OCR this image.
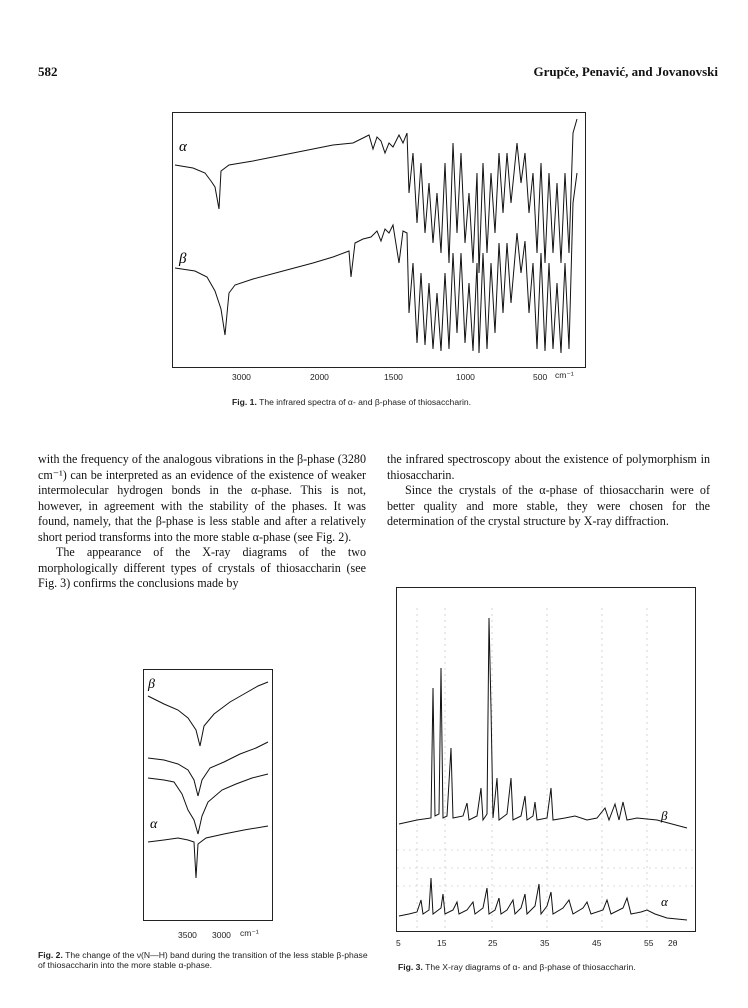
582	Grupče, Penavić, and Jovanovski
α
β
3000	2000	1500	1000	500 cm⁻¹
Fig. 1. The infrared spectra of α- and β-phase of thiosaccharin.

with the frequency of the analogous vibrations in the β-phase (3280 cm⁻¹) can be interpreted as an evidence of the existence of weaker intermolecular hydrogen bonds in the α-phase. This is not, however, in agreement with the stability of the phases. It was found, namely, that the β-phase is less stable and after a relatively short period transforms into the more stable α-phase (see Fig. 2).

The appearance of the X-ray diagrams of the two morphologically different types of crystals of thiosaccharin (see Fig. 3) confirms the conclusions made by

the infrared spectroscopy about the existence of polymorphism in thiosaccharin.

Since the crystals of the α-phase of thiosaccharin were of better quality and more stable, they were chosen for the determination of the crystal structure by X-ray diffraction.

β
α
3500 3000 cm⁻¹
Fig. 2. The change of the ν(N—H) band during the transition of the less stable β-phase of thiosaccharin into the more stable α-phase.
β
α
5	15	25	35	45	55 2θ
Fig. 3. The X-ray diagrams of α- and β-phase of thiosaccharin.
